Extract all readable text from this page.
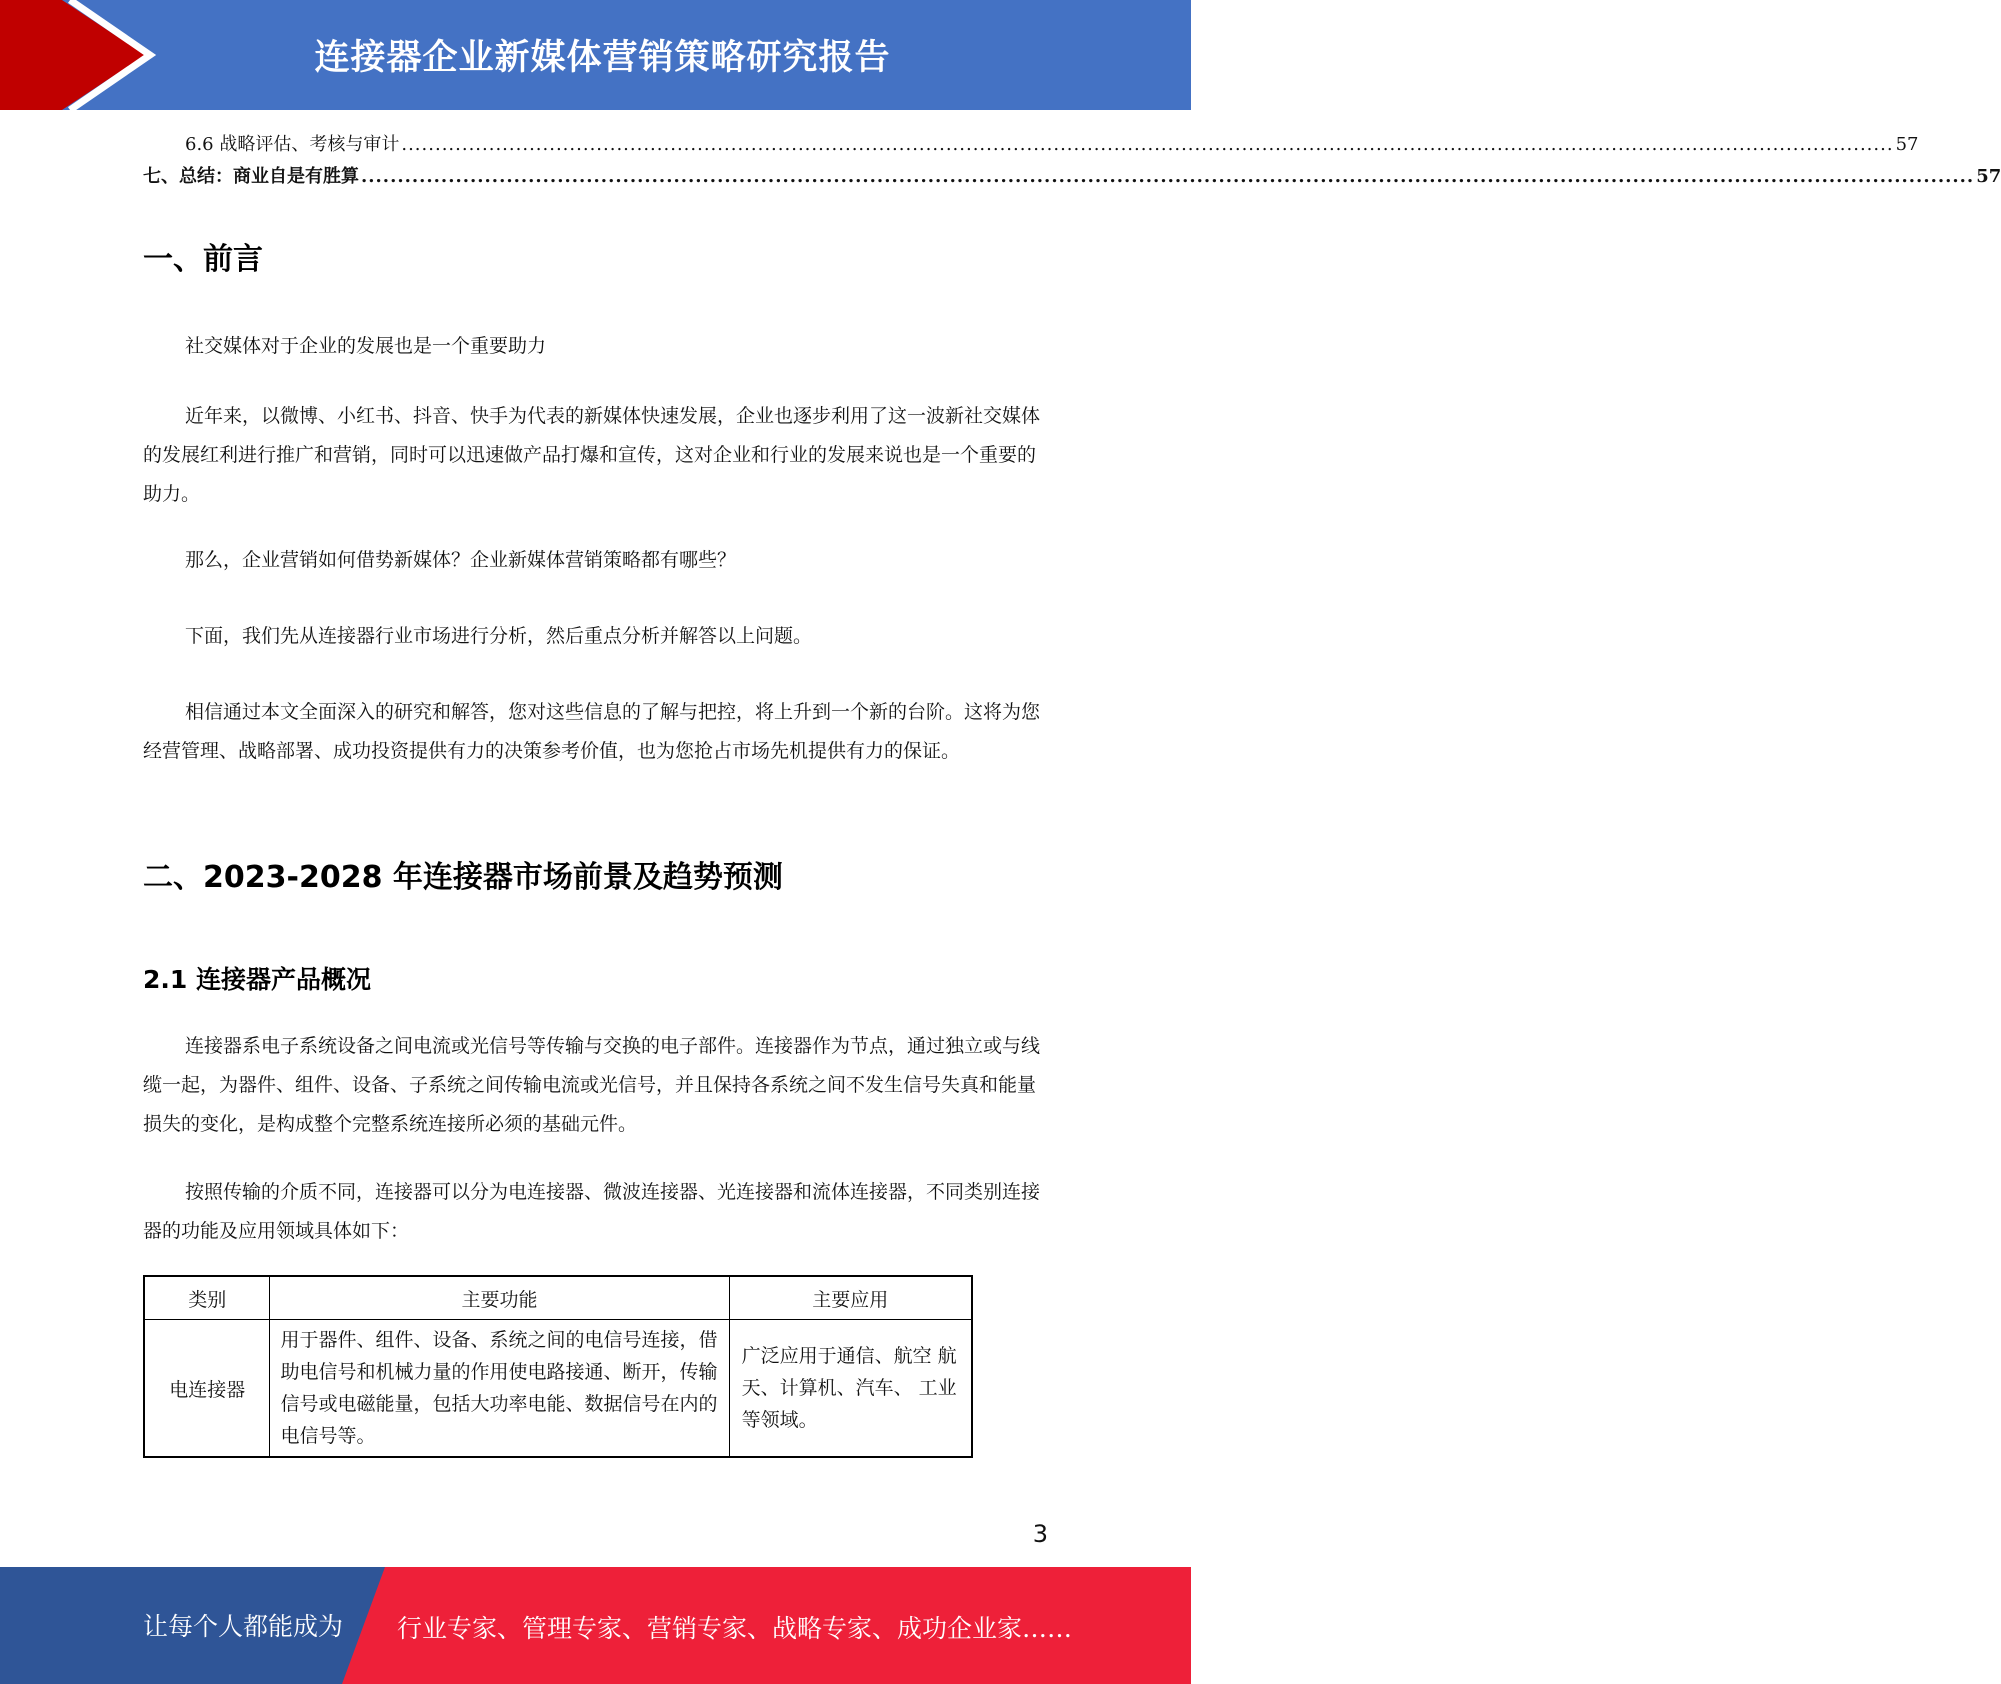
连接器企业新媒体营销策略研究报告
6.6 战略评估、考核与审计 .............................................................................................................................................................................................................................. 57
七、总结：商业自是有胜算 .............................................................................................................................................................................................................................. 57
一、前言

社交媒体对于企业的发展也是一个重要助力

近年来，以微博、小红书、抖音、快手为代表的新媒体快速发展，企业也逐步利用了这一波新社交媒体的发展红利进行推广和营销，同时可以迅速做产品打爆和宣传，这对企业和行业的发展来说也是一个重要的助力。

那么，企业营销如何借势新媒体？企业新媒体营销策略都有哪些？

下面，我们先从连接器行业市场进行分析，然后重点分析并解答以上问题。

相信通过本文全面深入的研究和解答，您对这些信息的了解与把控，将上升到一个新的台阶。这将为您经营管理、战略部署、成功投资提供有力的决策参考价值，也为您抢占市场先机提供有力的保证。

二、2023-2028 年连接器市场前景及趋势预测
2.1 连接器产品概况

连接器系电子系统设备之间电流或光信号等传输与交换的电子部件。连接器作为节点，通过独立或与线缆一起，为器件、组件、设备、子系统之间传输电流或光信号，并且保持各系统之间不发生信号失真和能量损失的变化，是构成整个完整系统连接所必须的基础元件。

按照传输的介质不同，连接器可以分为电连接器、微波连接器、光连接器和流体连接器，不同类别连接器的功能及应用领域具体如下：

类别	主要功能	主要应用
电连接器	用于器件、组件、设备、系统之间的电信号连接，借助电信号和机械力量的作用使电路接通、断开，传输信号或电磁能量，包括大功率电能、数据信号在内的电信号等。	广泛应用于通信、航空 航天、计算机、汽车、 工业等领域。
3
让每个人都能成为 行业专家、管理专家、营销专家、战略专家、成功企业家……
